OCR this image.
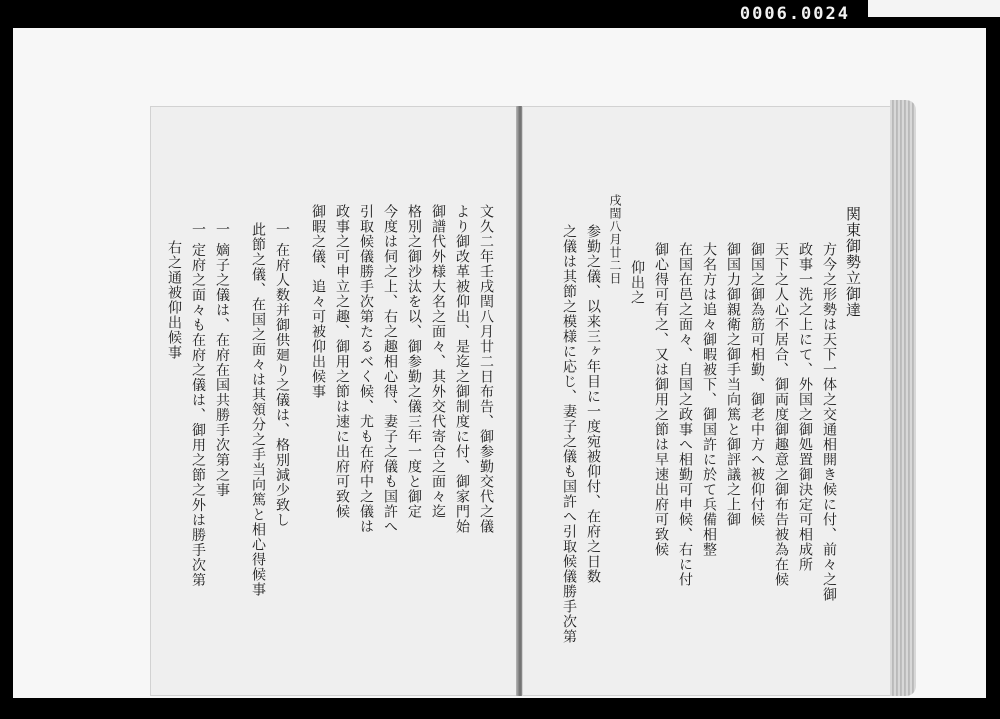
0006.0024
文久二年壬戌閏八月廿二日布告、御参勤交代之儀
より御改革被仰出、是迄之御制度に付、御家門始
御譜代外様大名之面々、其外交代寄合之面々迄
格別之御沙汰を以、御参勤之儀三年一度と御定
今度は伺之上、右之趣相心得、妻子之儀も国許へ
引取候儀勝手次第たるべく候、尤も在府中之儀は
政事之可申立之趣、御用之節は速に出府可致候
御暇之儀、追々可被仰出候事
一 在府人数并御供廻り之儀は、格別減少致し
此節之儀、在国之面々は其領分之手当向篤と相心得候事
一 嫡子之儀は、在府在国共勝手次第之事
一 定府之面々も在府之儀は、御用之節之外は勝手次第
右之通被仰出候事	関東御勢立御達
方今之形勢は天下一体之交通相開き候に付、前々之御
政事一洗之上にて、外国之御処置御決定可相成所
天下之人心不居合、御両度御趣意之御布告被為在候
御国之御為筋可相勤、御老中方へ被仰付候
御国力御親衛之御手当向篤と御評議之上御
大名方は追々御暇被下、御国許に於て兵備相整
在国在邑之面々、自国之政事へ相勤可申候、右に付
御心得可有之、又は御用之節は早速出府可致候
仰出之
戌閏八月廿二日
参勤之儀、以来三ヶ年目に一度宛被仰付、在府之日数
之儀は其節之模様に応じ、妻子之儀も国許へ引取候儀勝手次第
